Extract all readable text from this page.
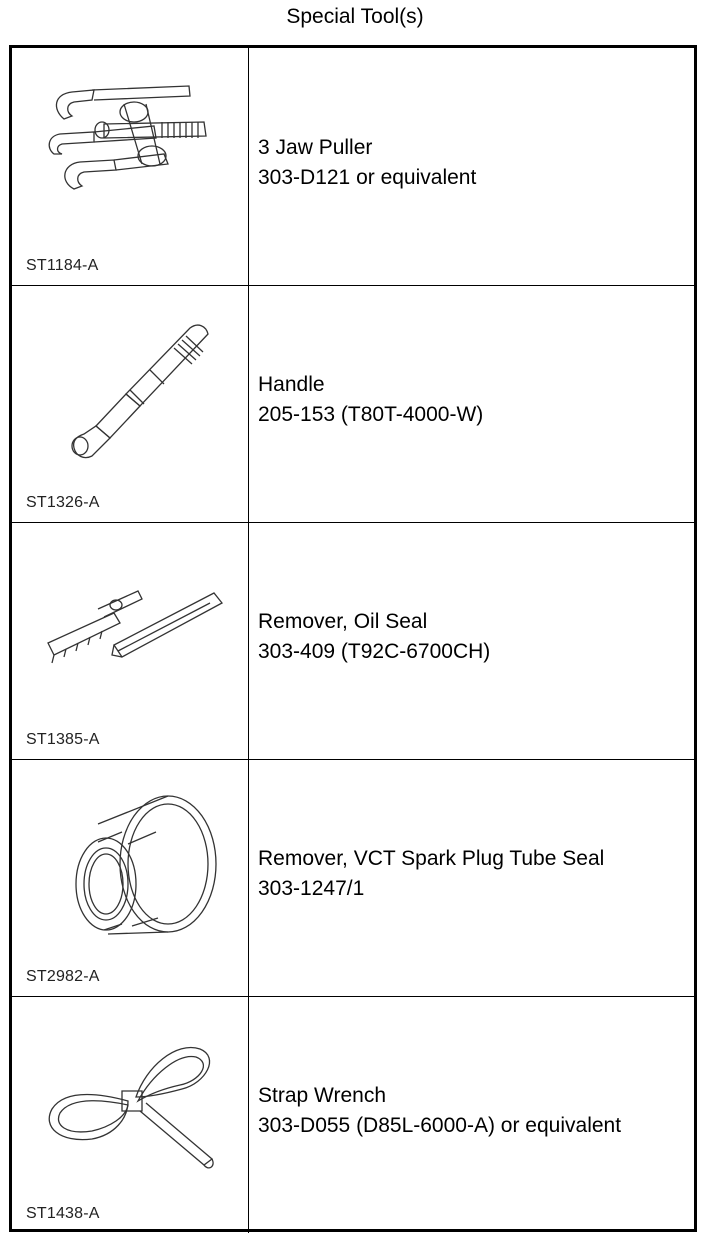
Special Tool(s)
ST1184-A
3 Jaw Puller
303-D121 or equivalent
ST1326-A
Handle
205-153 (T80T-4000-W)
ST1385-A
Remover, Oil Seal
303-409 (T92C-6700CH)
ST2982-A
Remover, VCT Spark Plug Tube Seal
303-1247/1
ST1438-A
Strap Wrench
303-D055 (D85L-6000-A) or equivalent
